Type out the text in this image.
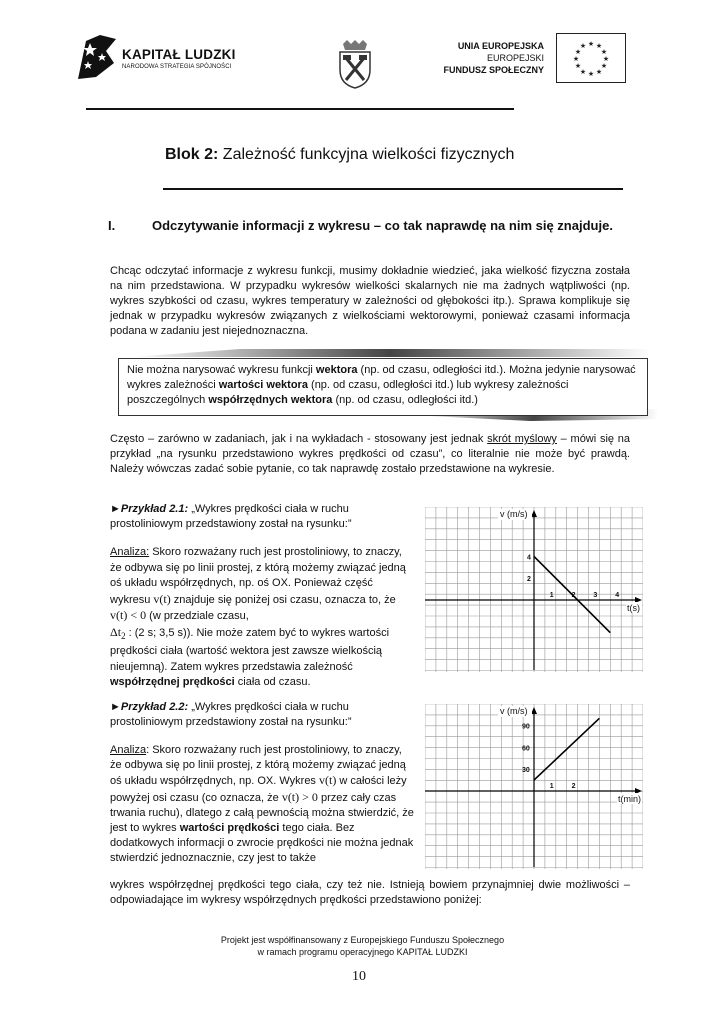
KAPITAŁ LUDZKI
NARODOWA STRATEGIA SPÓJNOŚCI
UNIA EUROPEJSKA
EUROPEJSKI
FUNDUSZ SPOŁECZNY
★ ★
★
★
★
★
★
★
★
★
★
★
Blok 2: Zależność funkcyjna wielkości fizycznych
I.	Odczytywanie informacji z wykresu – co tak naprawdę na nim się znajduje.
Chcąc odczytać informacje z wykresu funkcji, musimy dokładnie wiedzieć, jaka wielkość fizyczna została na nim przedstawiona. W przypadku wykresów wielkości skalarnych nie ma żadnych wątpliwości (np. wykres szybkości od czasu, wykres temperatury w zależności od głębokości itp.). Sprawa komplikuje się jednak w przypadku wykresów związanych z wielkościami wektorowymi, ponieważ czasami informacja podana w zadaniu jest niejednoznaczna.
Nie można narysować wykresu funkcji wektora (np. od czasu, odległości itd.). Można jedynie narysować wykres zależności wartości wektora (np. od czasu, odległości itd.) lub wykresy zależności poszczególnych współrzędnych wektora (np. od czasu, odległości itd.)
Często – zarówno w zadaniach, jak i na wykładach - stosowany jest jednak skrót myślowy – mówi się na przykład „na rysunku przedstawiono wykres prędkości od czasu”, co literalnie nie może być prawdą. Należy wówczas zadać sobie pytanie, co tak naprawdę zostało przedstawione na wykresie.
►Przykład 2.1: „Wykres prędkości ciała w ruchu prostoliniowym przedstawiony został na rysunku:”
Analiza: Skoro rozważany ruch jest prostoliniowy, to znaczy, że odbywa się po linii prostej, z którą możemy związać jedną oś układu współrzędnych, np. oś OX. Ponieważ część wykresu v(t) znajduje się poniżej osi czasu, oznacza to, że v(t) < 0 (w przedziale czasu,
$\Delta t_2$ : (2 s; 3,5 s)). Nie może zatem być to wykres wartości prędkości ciała (wartość wektora jest zawsze wielkością nieujemną). Zatem wykres przedstawia zależność współrzędnej prędkości ciała od czasu.
v (m/s)
t(s)
1	2	3	4
2
4
►Przykład 2.2: „Wykres prędkości ciała w ruchu prostoliniowym przedstawiony został na rysunku:”
Analiza: Skoro rozważany ruch jest prostoliniowy, to znaczy, że odbywa się po linii prostej, z którą możemy związać jedną oś układu współrzędnych, np. OX. Wykres v(t) w całości leży powyżej osi czasu (co oznacza, że v(t) > 0 przez cały czas trwania ruchu), dlatego z całą pewnością można stwierdzić, że jest to wykres wartości prędkości tego ciała. Bez dodatkowych informacji o zwrocie prędkości nie można jednak stwierdzić jednoznacznie, czy jest to także
v (m/s)
t(min)
1	2
30
60
90
wykres współrzędnej prędkości tego ciała, czy też nie. Istnieją bowiem przynajmniej dwie możliwości – odpowiadające im wykresy współrzędnych prędkości przedstawiono poniżej:
Projekt jest współfinansowany z Europejskiego Funduszu Społecznego
w ramach programu operacyjnego KAPITAŁ LUDZKI
10
